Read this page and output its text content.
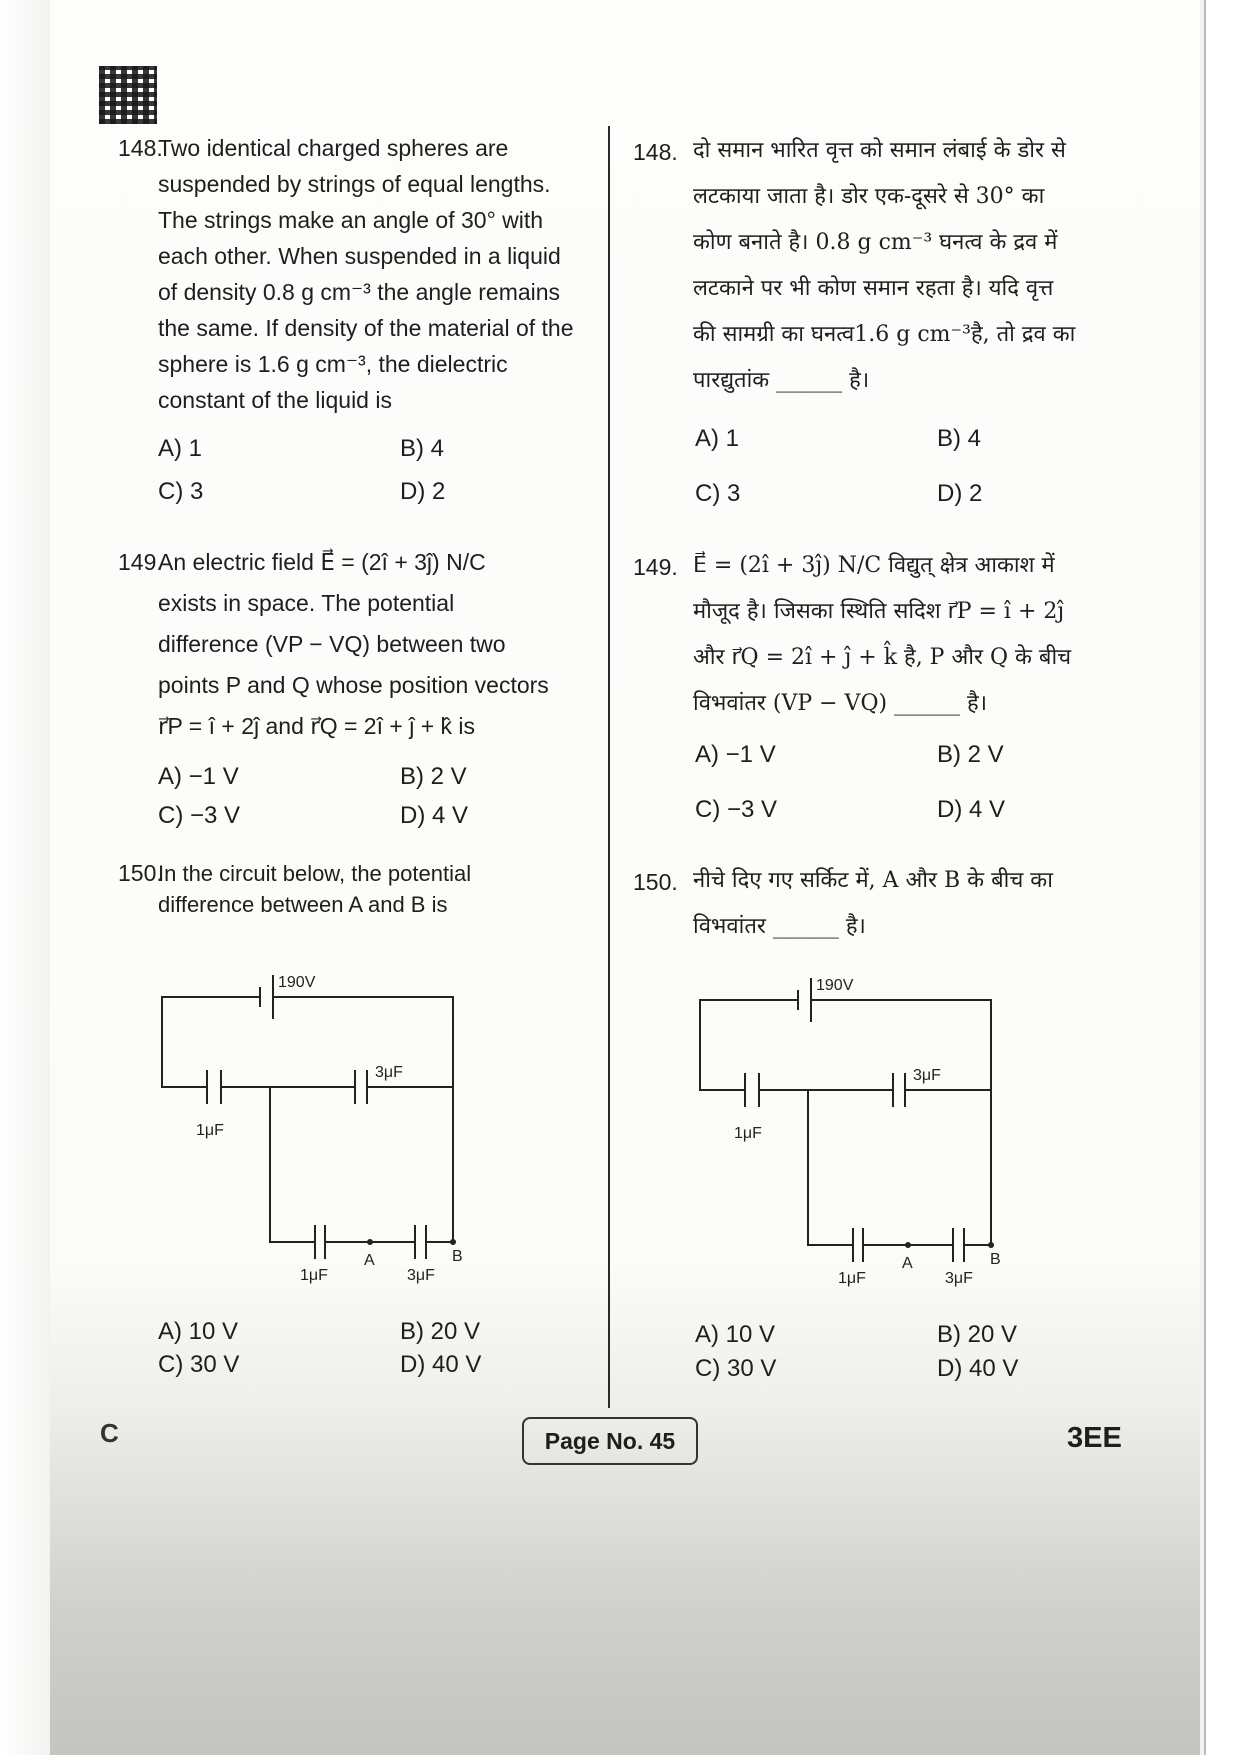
148.
Two identical charged spheres are
suspended by strings of equal lengths.
The strings make an angle of 30° with
each other. When suspended in a liquid
of density 0.8 g cm⁻³ the angle remains
the same. If density of the material of the
sphere is 1.6 g cm⁻³, the dielectric
constant of the liquid is
A) 1	B) 4
C) 3	D) 2
148. दो समान भारित वृत्त को समान लंबाई के डोर से
लटकाया जाता है। डोर एक-दूसरे से 30° का
कोण बनाते है। 0.8 g cm⁻³ घनत्व के द्रव में
लटकाने पर भी कोण समान रहता है। यदि वृत्त
की सामग्री का घनत्व1.6 g cm⁻³है, तो द्रव का
पारद्युतांक ______ है।
A) 1	B) 4
C) 3	D) 2
149.
An electric field E⃗ = (2î + 3ĵ) N/C
exists in space. The potential
difference (VP − VQ) between two
points P and Q whose position vectors
r⃗P = î + 2ĵ and r⃗Q = 2î + ĵ + k̂ is
A) −1 V	B) 2 V
C) −3 V	D) 4 V
149. E⃗ = (2î + 3ĵ) N/C विद्युत् क्षेत्र आकाश में
मौजूद है। जिसका स्थिति सदिश r⃗P = î + 2ĵ
और r⃗Q = 2î + ĵ + k̂ है, P और Q के बीच
विभवांतर (VP − VQ) ______ है।
A) −1 V	B) 2 V
C) −3 V	D) 4 V
150.
In the circuit below, the potential
difference between A and B is
150. नीचे दिए गए सर्किट में, A और B के बीच का
विभवांतर ______ है।
190V
1μF
3μF
1μF	3μF
A	B
A) 10 V	B) 20 V
C) 30 V	D) 40 V
190V
1μF
3μF
1μF	3μF
A	B
A) 10 V	B) 20 V
C) 30 V	D) 40 V
C	Page No. 45	3EE
